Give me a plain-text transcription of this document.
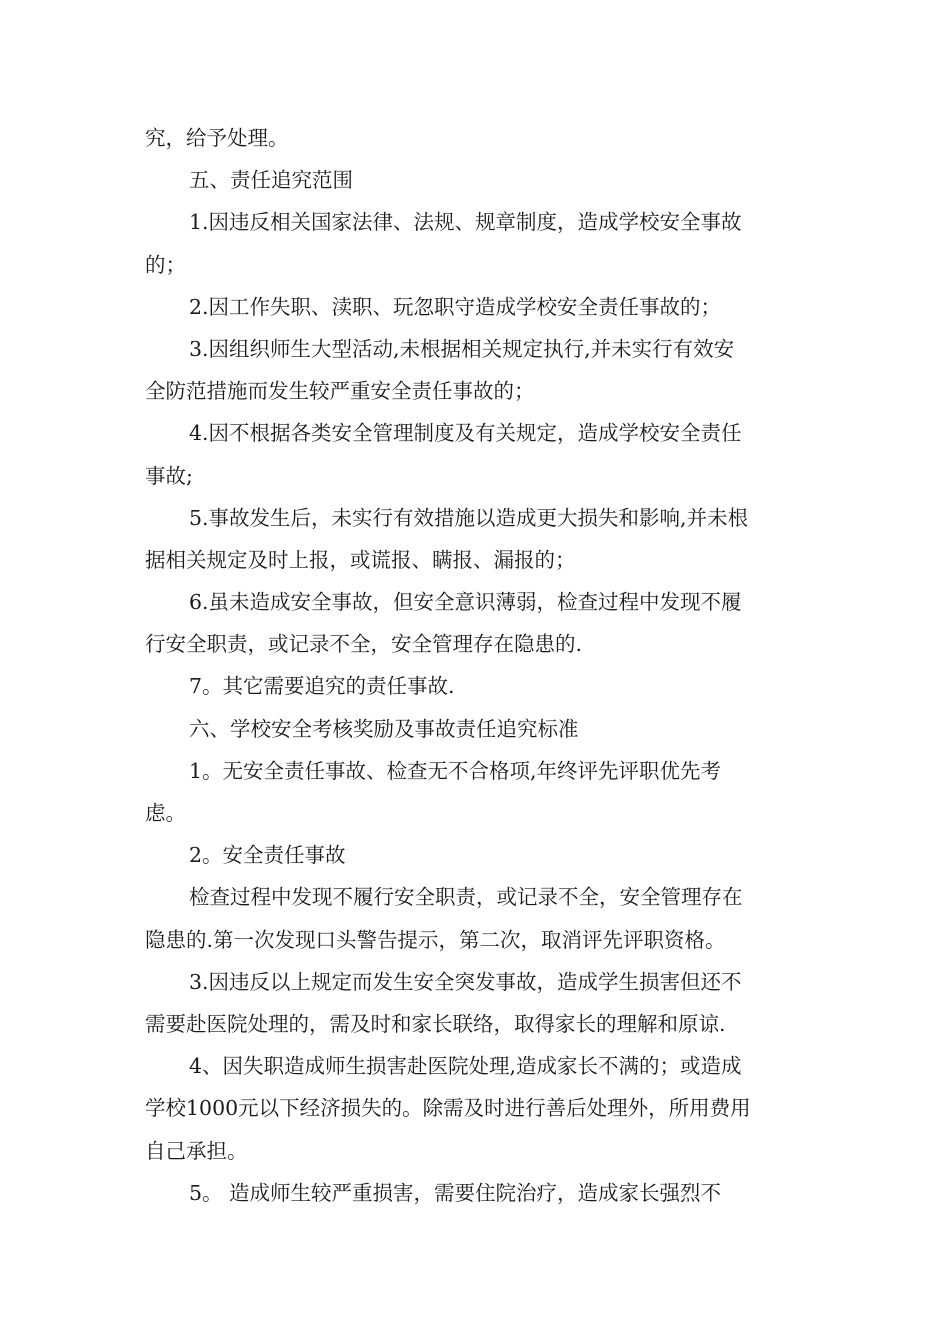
究，给予处理。
五、责任追究范围
1.因违反相关国家法律、法规、规章制度，造成学校安全事故
的；
2.因工作失职、渎职、玩忽职守造成学校安全责任事故的；
3.因组织师生大型活动,未根据相关规定执行,并未实行有效安
全防范措施而发生较严重安全责任事故的；
4.因不根据各类安全管理制度及有关规定，造成学校安全责任
事故;
5.事故发生后，未实行有效措施以造成更大损失和影响,并未根
据相关规定及时上报，或谎报、瞒报、漏报的；
6.虽未造成安全事故，但安全意识薄弱，检查过程中发现不履
行安全职责，或记录不全，安全管理存在隐患的.
7。其它需要追究的责任事故.
六、学校安全考核奖励及事故责任追究标准
1。无安全责任事故、检查无不合格项,年终评先评职优先考
虑。
2。安全责任事故
检查过程中发现不履行安全职责，或记录不全，安全管理存在
隐患的.第一次发现口头警告提示，第二次，取消评先评职资格。
3.因违反以上规定而发生安全突发事故，造成学生损害但还不
需要赴医院处理的，需及时和家长联络，取得家长的理解和原谅.
4、因失职造成师生损害赴医院处理,造成家长不满的；或造成
学校1000元以下经济损失的。除需及时进行善后处理外，所用费用
自己承担。
5。 造成师生较严重损害，需要住院治疗，造成家长强烈不
